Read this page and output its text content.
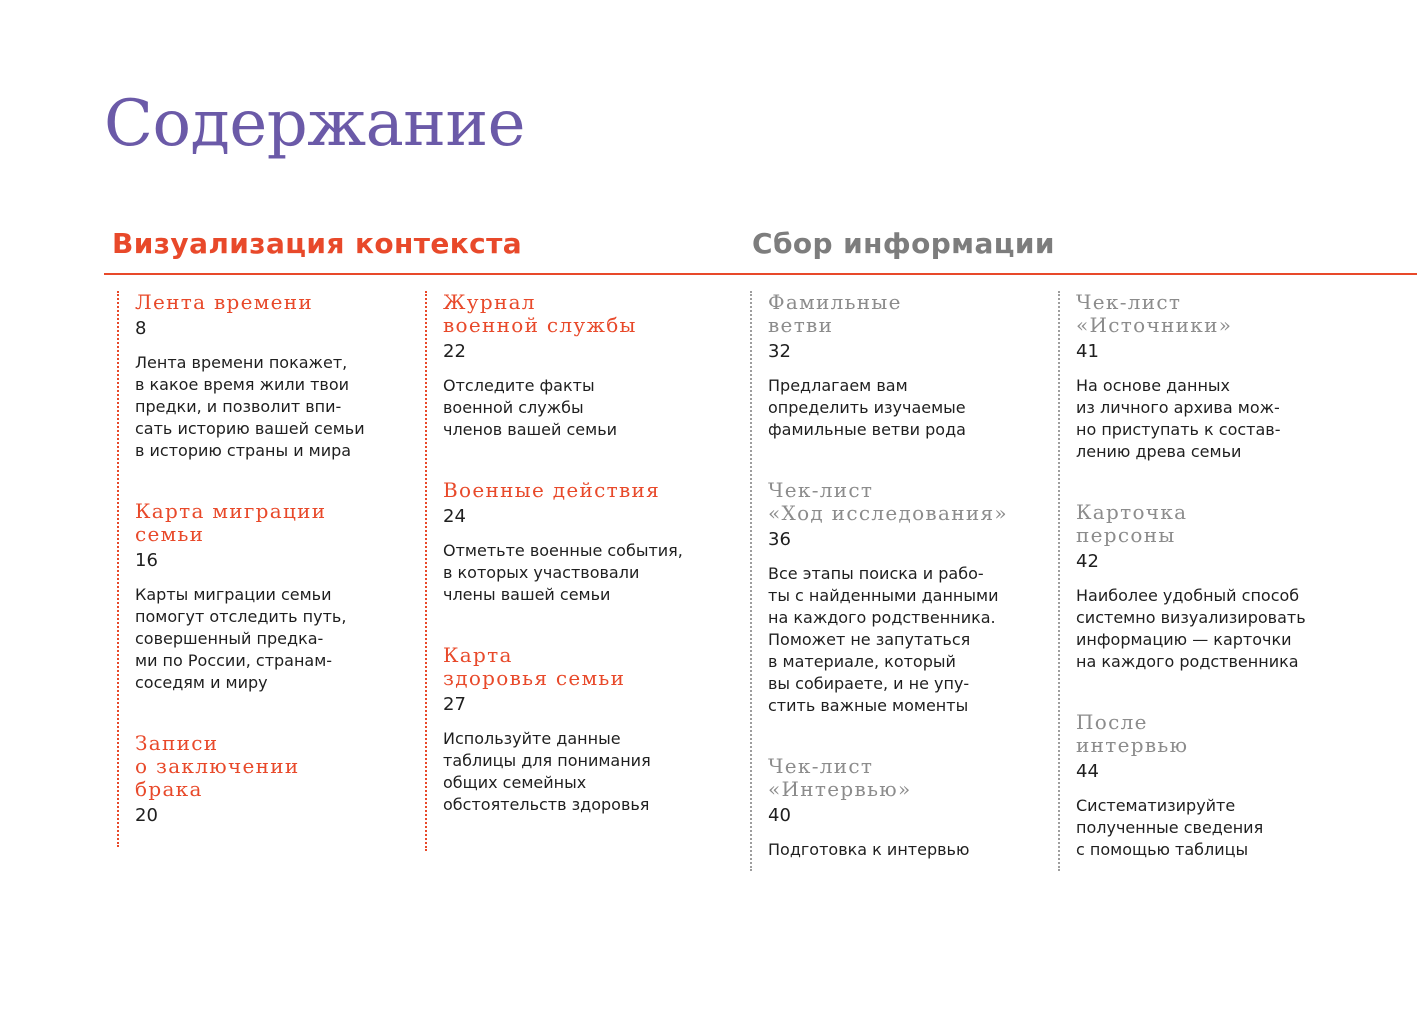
Содержание
Визуализация контекста	Сбор информации
Лента времени
8
Лента времени покажет,
в какое время жили твои
предки, и позволит впи-
сать историю вашей семьи
в историю страны и мира
Карта миграции
семьи
16
Карты миграции семьи
помогут отследить путь,
совершенный предка-
ми по России, странам-
соседям и миру
Записи
о заключении
брака
20
Журнал
военной службы
22
Отследите факты
военной службы
членов вашей семьи
Военные действия
24
Отметьте военные события,
в которых участвовали
члены вашей семьи
Карта
здоровья семьи
27
Используйте данные
таблицы для понимания
общих семейных
обстоятельств здоровья
Фамильные
ветви
32
Предлагаем вам
определить изучаемые
фамильные ветви рода
Чек-лист
«Ход исследования»
36
Все этапы поиска и рабо-
ты с найденными данными
на каждого родственника.
Поможет не запутаться
в материале, который
вы собираете, и не упу-
стить важные моменты
Чек-лист
«Интервью»
40
Подготовка к интервью
Чек-лист
«Источники»
41
На основе данных
из личного архива мож-
но приступать к состав-
лению древа семьи
Карточка
персоны
42
Наиболее удобный способ
системно визуализировать
информацию — карточки
на каждого родственника
После
интервью
44
Систематизируйте
полученные сведения
с помощью таблицы
